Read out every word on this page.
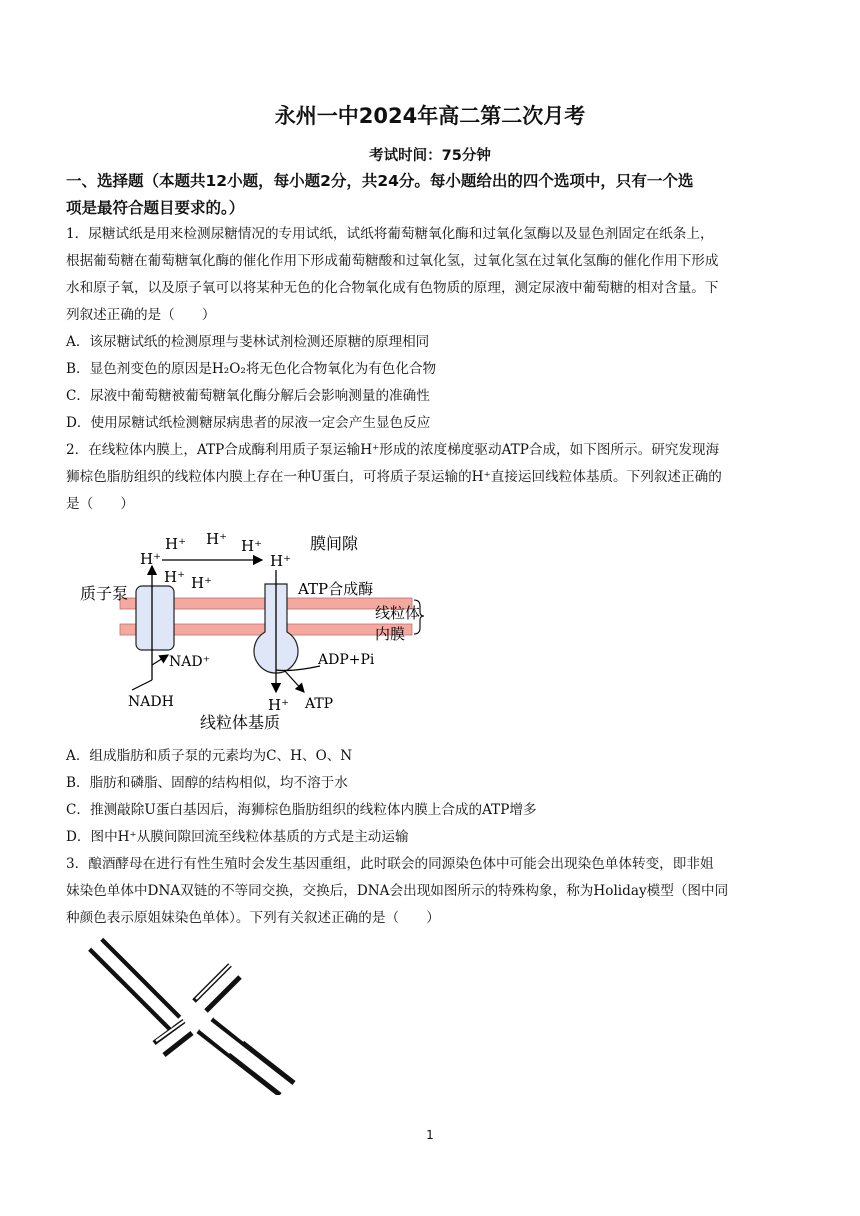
永州一中2024年高二第二次月考
考试时间：75分钟
一、选择题（本题共12小题，每小题2分，共24分。每小题给出的四个选项中，只有一个选
项是最符合题目要求的。）
1．尿糖试纸是用来检测尿糖情况的专用试纸，试纸将葡萄糖氧化酶和过氧化氢酶以及显色剂固定在纸条上，
根据葡萄糖在葡萄糖氧化酶的催化作用下形成葡萄糖酸和过氧化氢，过氧化氢在过氧化氢酶的催化作用下形成
水和原子氧，以及原子氧可以将某种无色的化合物氧化成有色物质的原理，测定尿液中葡萄糖的相对含量。下
列叙述正确的是（　　）
A．该尿糖试纸的检测原理与斐林试剂检测还原糖的原理相同
B．显色剂变色的原因是H₂O₂将无色化合物氧化为有色化合物
C．尿液中葡萄糖被葡萄糖氧化酶分解后会影响测量的准确性
D．使用尿糖试纸检测糖尿病患者的尿液一定会产生显色反应
2．在线粒体内膜上，ATP合成酶利用质子泵运输H⁺形成的浓度梯度驱动ATP合成，如下图所示。研究发现海
狮棕色脂肪组织的线粒体内膜上存在一种U蛋白，可将质子泵运输的H⁺直接运回线粒体基质。下列叙述正确的
是（　　）
H⁺
H⁺ H⁺ H⁺
H⁺
H⁺ H⁺
膜间隙
质子泵	ATP合成酶
线粒体
内膜
NAD⁺	ADP+Pi
NADH	H⁺ ATP
线粒体基质
A．组成脂肪和质子泵的元素均为C、H、O、N
B．脂肪和磷脂、固醇的结构相似，均不溶于水
C．推测敲除U蛋白基因后，海狮棕色脂肪组织的线粒体内膜上合成的ATP增多
D．图中H⁺从膜间隙回流至线粒体基质的方式是主动运输
3．酿酒酵母在进行有性生殖时会发生基因重组，此时联会的同源染色体中可能会出现染色单体转变，即非姐
妹染色单体中DNA双链的不等同交换，交换后，DNA会出现如图所示的特殊构象，称为Holiday模型（图中同
种颜色表示原姐妹染色单体）。下列有关叙述正确的是（　　）
1
